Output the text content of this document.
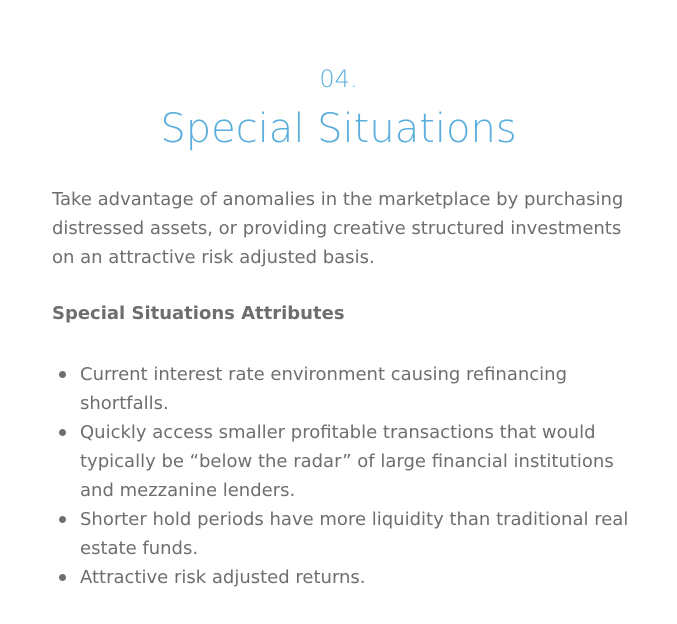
04.
Special Situations

Take advantage of anomalies in the marketplace by purchasing distressed assets, or providing creative structured investments on an attractive risk adjusted basis.

Special Situations Attributes

Current interest rate environment causing refinancing shortfalls.
Quickly access smaller profitable transactions that would typically be “below the radar” of large financial institutions and mezzanine lenders.
Shorter hold periods have more liquidity than traditional real estate funds.
Attractive risk adjusted returns.
